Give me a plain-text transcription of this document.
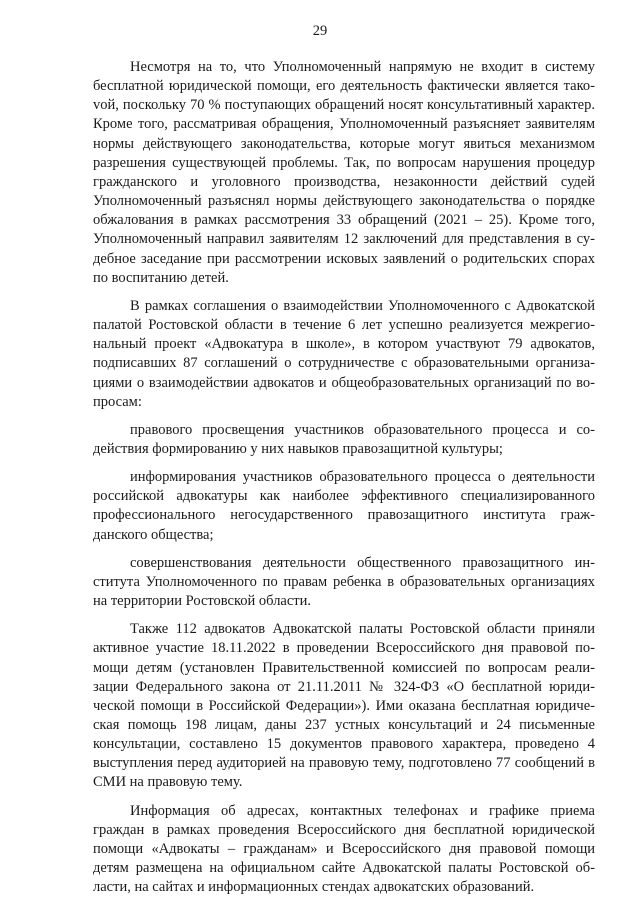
29

Несмотря на то, что Уполномоченный напрямую не входит в систему бесплатной юридической помощи, его деятельность фактически является такоvой, поскольку 70 % поступающих обращений носят консультативный характер. Кроме того, рассматривая обращения, Уполномоченный разъясняет заявителям нормы действующего законодательства, которые могут явиться механизмом разрешения существующей проблемы. Так, по вопросам нарушения процедур гражданского и уголовного производства, незаконности действий судей Уполномоченный разъяснял нормы действующего законодательства о порядке обжалования в рамках рассмотрения 33 обращений (2021 – 25). Кроме того, Уполномоченный направил заявителям 12 заключений для представления в судебное заседание при рассмотрении исковых заявлений о родительских спорах по воспитанию детей.

В рамках соглашения о взаимодействии Уполномоченного с Адвокатской палатой Ростовской области в течение 6 лет успешно реализуется межрегиональный проект «Адвокатура в школе», в котором участвуют 79 адвокатов, подписавших 87 соглашений о сотрудничестве с образовательными организациями о взаимодействии адвокатов и общеобразовательных организаций по вопросам:

правового просвещения участников образовательного процесса и содействия формированию у них навыков правозащитной культуры;

информирования участников образовательного процесса о деятельности российской адвокатуры как наиболее эффективного специализированного профессионального негосударственного правозащитного института гражданского общества;

совершенствования деятельности общественного правозащитного института Уполномоченного по правам ребенка в образовательных организациях на территории Ростовской области.

Также 112 адвокатов Адвокатской палаты Ростовской области приняли активное участие 18.11.2022 в проведении Всероссийского дня правовой помощи детям (установлен Правительственной комиссией по вопросам реализации Федерального закона от 21.11.2011 № 324-ФЗ «О бесплатной юридической помощи в Российской Федерации»). Ими оказана бесплатная юридическая помощь 198 лицам, даны 237 устных консультаций и 24 письменные консультации, составлено 15 документов правового характера, проведено 4 выступления перед аудиторией на правовую тему, подготовлено 77 сообщений в СМИ на правовую тему.

Информация об адресах, контактных телефонах и графике приема граждан в рамках проведения Всероссийского дня бесплатной юридической помощи «Адвокаты – гражданам» и Всероссийского дня правовой помощи детям размещена на официальном сайте Адвокатской палаты Ростовской области, на сайтах и информационных стендах адвокатских образований.
